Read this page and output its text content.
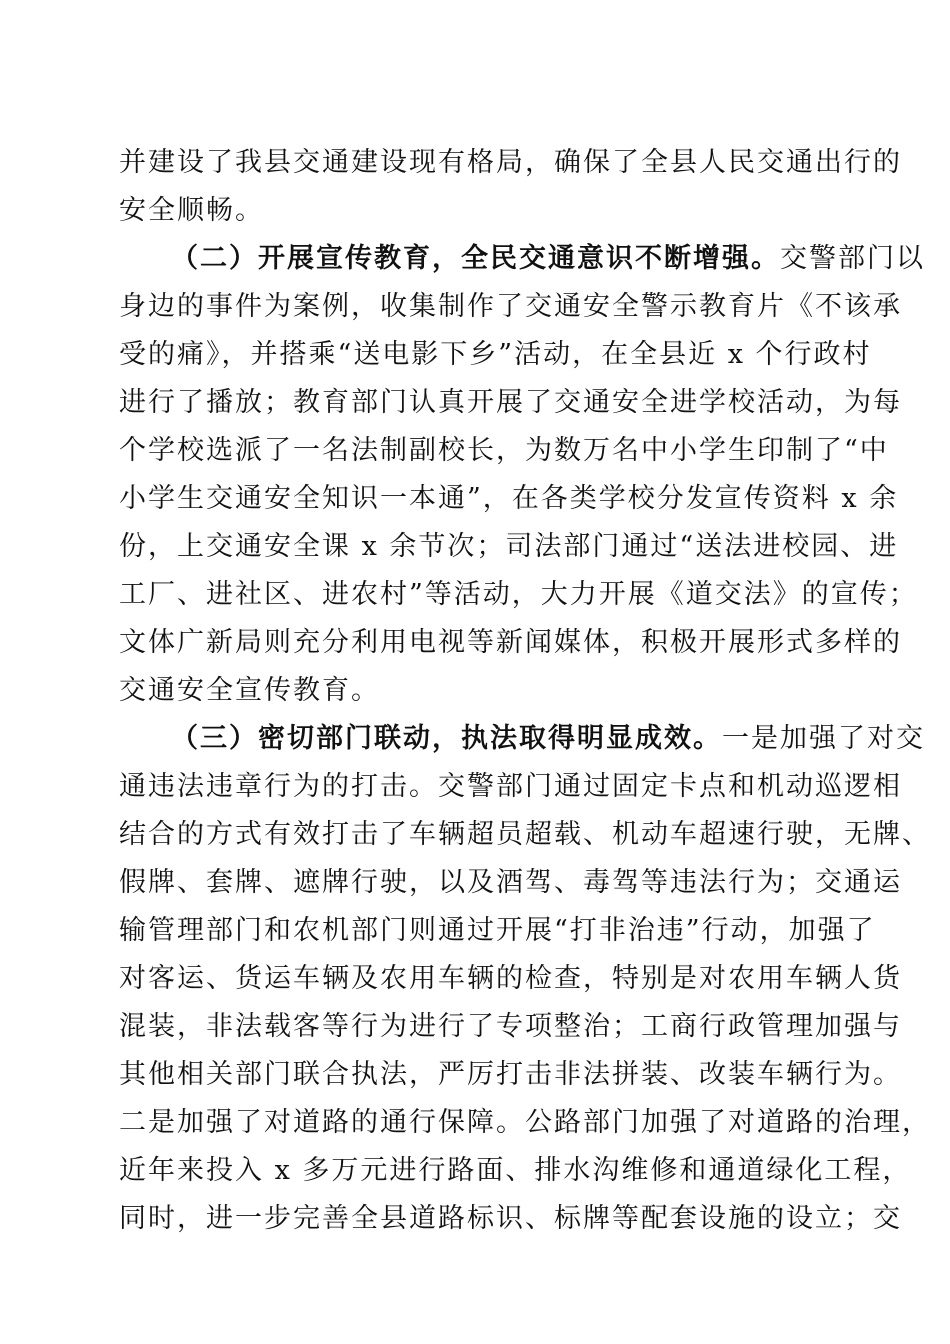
并建设了我县交通建设现有格局，确保了全县人民交通出行的
安全顺畅。
（二）开展宣传教育，全民交通意识不断增强。交警部门以
身边的事件为案例，收集制作了交通安全警示教育片《不该承
受的痛》，并搭乘“送电影下乡”活动，在全县近 x 个行政村
进行了播放；教育部门认真开展了交通安全进学校活动，为每
个学校选派了一名法制副校长，为数万名中小学生印制了“中
小学生交通安全知识一本通”，在各类学校分发宣传资料 x 余
份，上交通安全课 x 余节次；司法部门通过“送法进校园、进
工厂、进社区、进农村”等活动，大力开展《道交法》的宣传；
文体广新局则充分利用电视等新闻媒体，积极开展形式多样的
交通安全宣传教育。
（三）密切部门联动，执法取得明显成效。一是加强了对交
通违法违章行为的打击。交警部门通过固定卡点和机动巡逻相
结合的方式有效打击了车辆超员超载、机动车超速行驶，无牌、
假牌、套牌、遮牌行驶，以及酒驾、毒驾等违法行为；交通运
输管理部门和农机部门则通过开展“打非治违”行动，加强了
对客运、货运车辆及农用车辆的检查，特别是对农用车辆人货
混装，非法载客等行为进行了专项整治；工商行政管理加强与
其他相关部门联合执法，严厉打击非法拼装、改装车辆行为。
二是加强了对道路的通行保障。公路部门加强了对道路的治理，
近年来投入 x 多万元进行路面、排水沟维修和通道绿化工程，
同时，进一步完善全县道路标识、标牌等配套设施的设立；交
